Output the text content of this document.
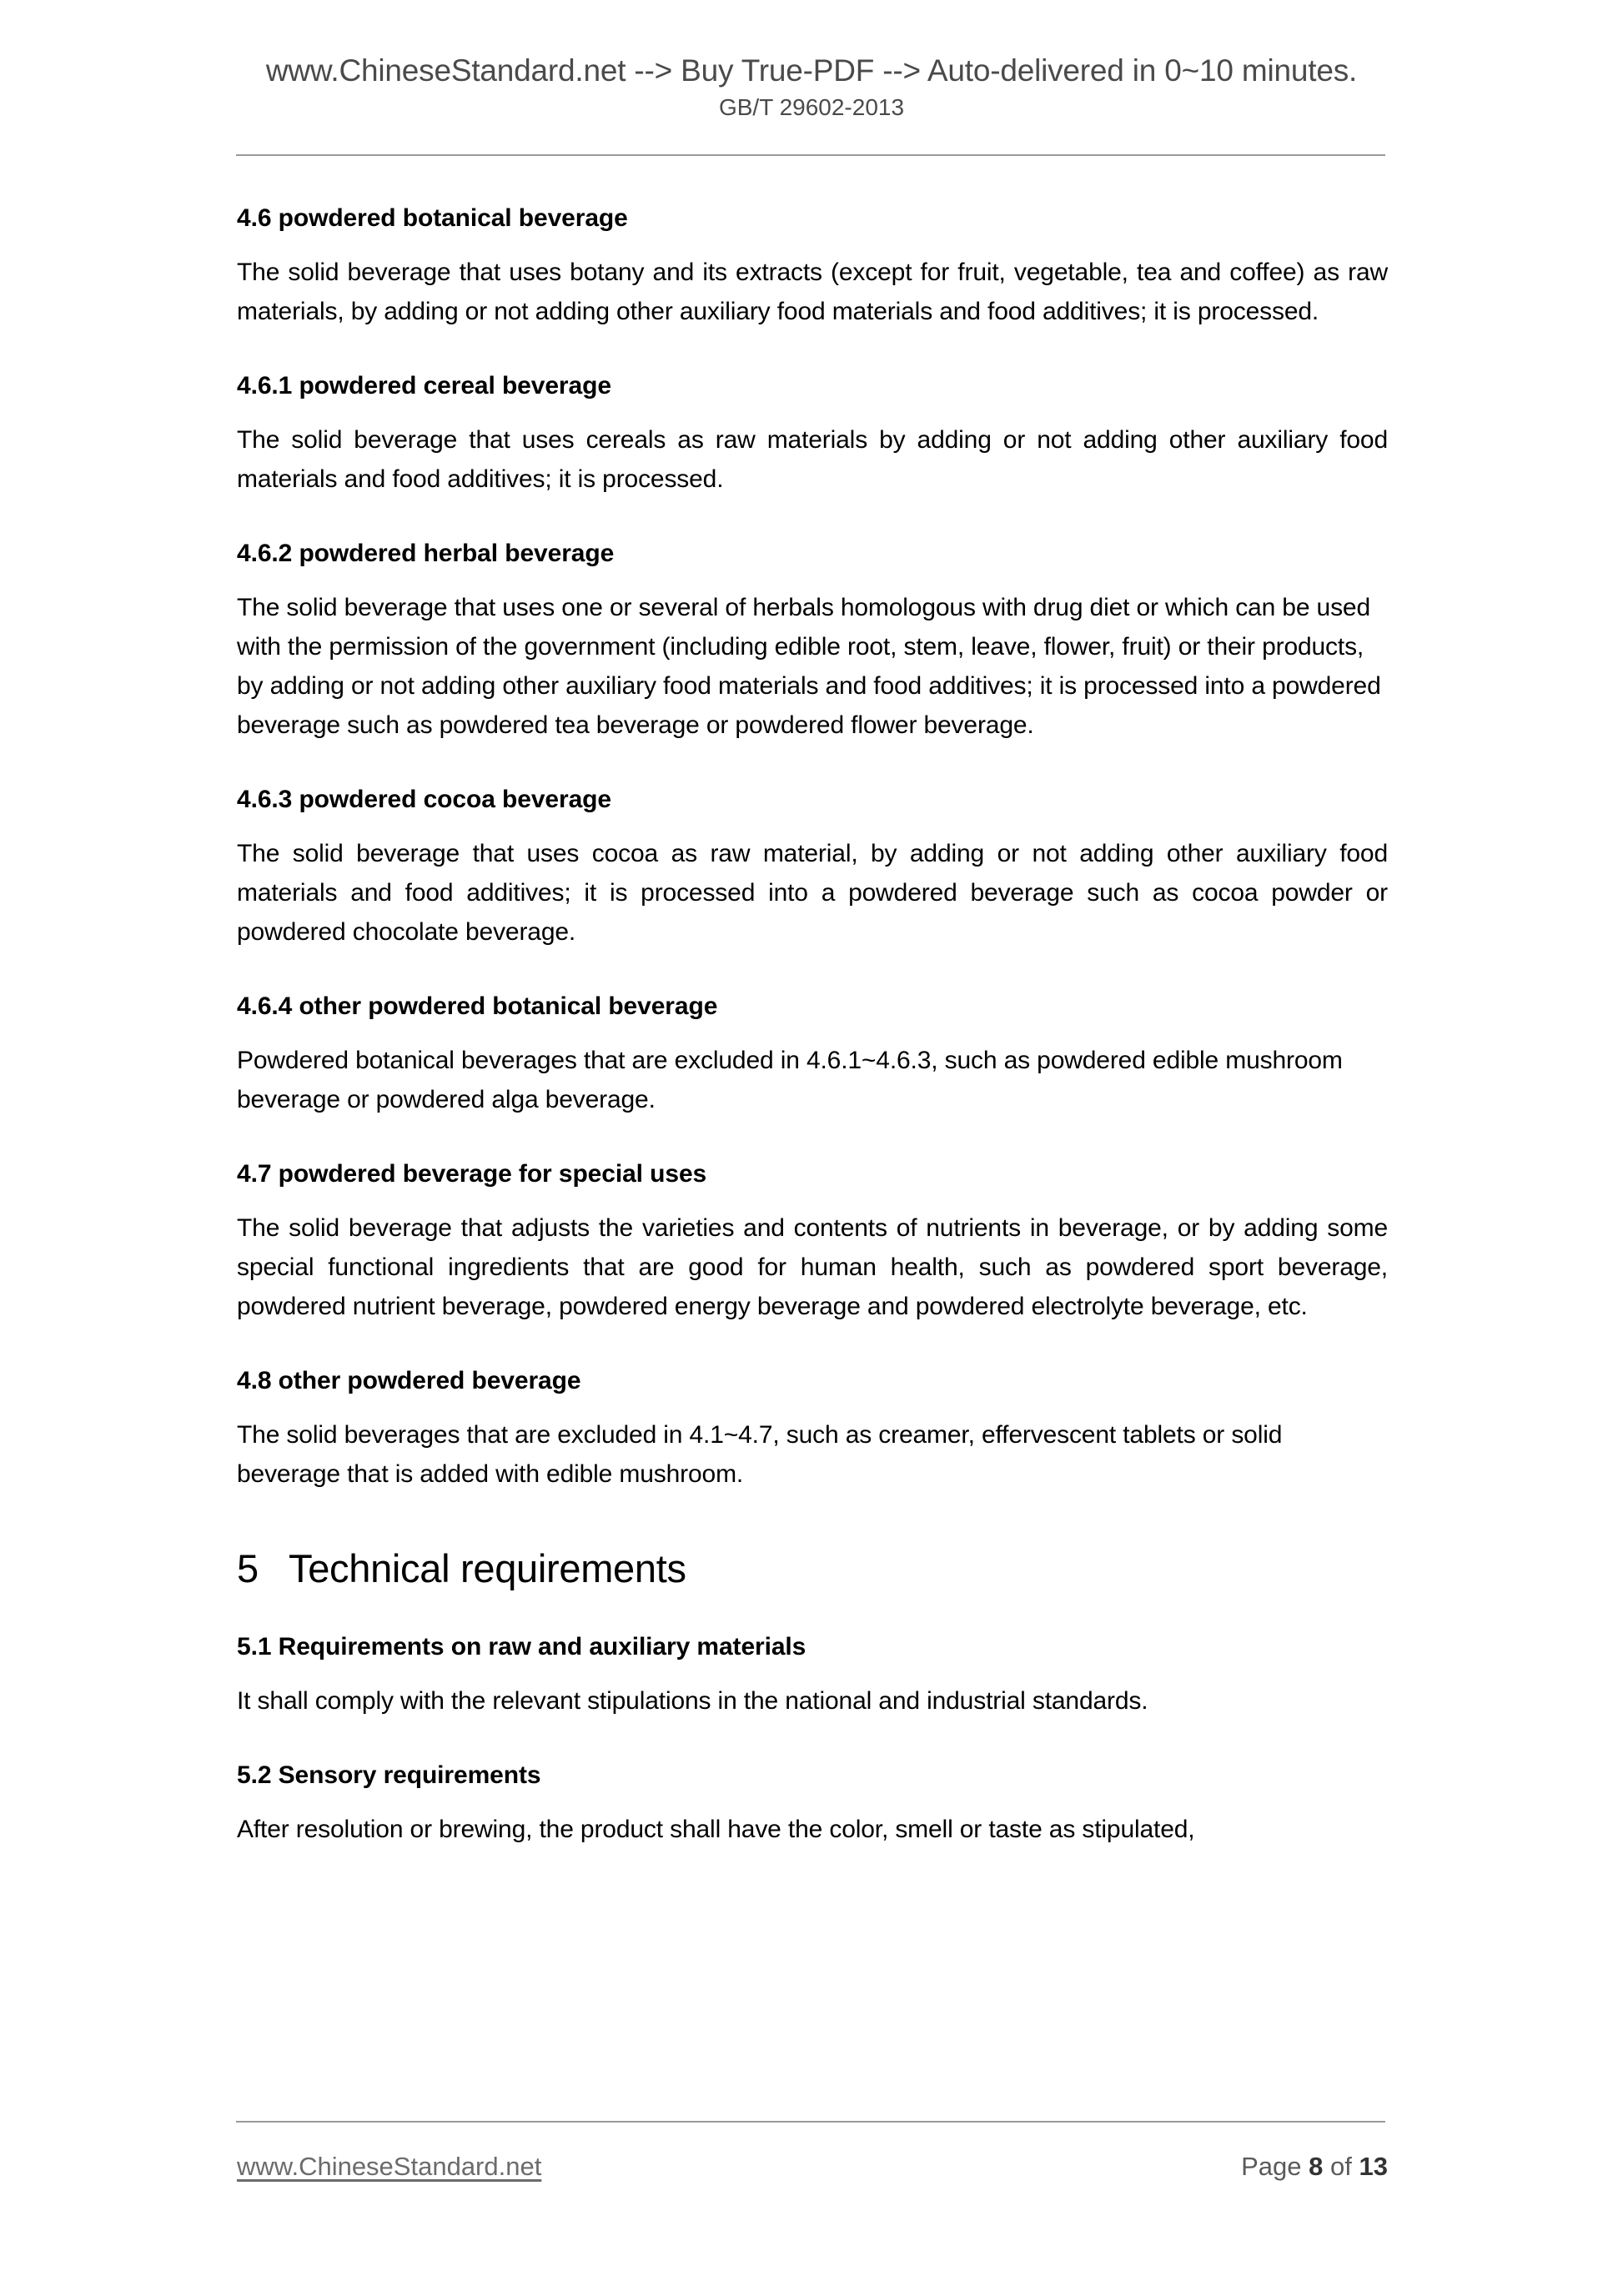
www.ChineseStandard.net --> Buy True-PDF --> Auto-delivered in 0~10 minutes.
GB/T 29602-2013
4.6 powdered botanical beverage

The solid beverage that uses botany and its extracts (except for fruit, vegetable, tea and coffee) as raw materials, by adding or not adding other auxiliary food materials and food additives; it is processed.

4.6.1 powdered cereal beverage

The solid beverage that uses cereals as raw materials by adding or not adding other auxiliary food materials and food additives; it is processed.

4.6.2 powdered herbal beverage

The solid beverage that uses one or several of herbals homologous with drug diet or which can be used with the permission of the government (including edible root, stem, leave, flower, fruit) or their products, by adding or not adding other auxiliary food materials and food additives; it is processed into a powdered beverage such as powdered tea beverage or powdered flower beverage.

4.6.3 powdered cocoa beverage

The solid beverage that uses cocoa as raw material, by adding or not adding other auxiliary food materials and food additives; it is processed into a powdered beverage such as cocoa powder or powdered chocolate beverage.

4.6.4 other powdered botanical beverage

Powdered botanical beverages that are excluded in 4.6.1~4.6.3, such as powdered edible mushroom beverage or powdered alga beverage.

4.7 powdered beverage for special uses

The solid beverage that adjusts the varieties and contents of nutrients in beverage, or by adding some special functional ingredients that are good for human health, such as powdered sport beverage, powdered nutrient beverage, powdered energy beverage and powdered electrolyte beverage, etc.

4.8 other powdered beverage

The solid beverages that are excluded in 4.1~4.7, such as creamer, effervescent tablets or solid beverage that is added with edible mushroom.

5 Technical requirements
5.1 Requirements on raw and auxiliary materials

It shall comply with the relevant stipulations in the national and industrial standards.

5.2 Sensory requirements

After resolution or brewing, the product shall have the color, smell or taste as stipulated,

www.ChineseStandard.net	Page 8 of 13
